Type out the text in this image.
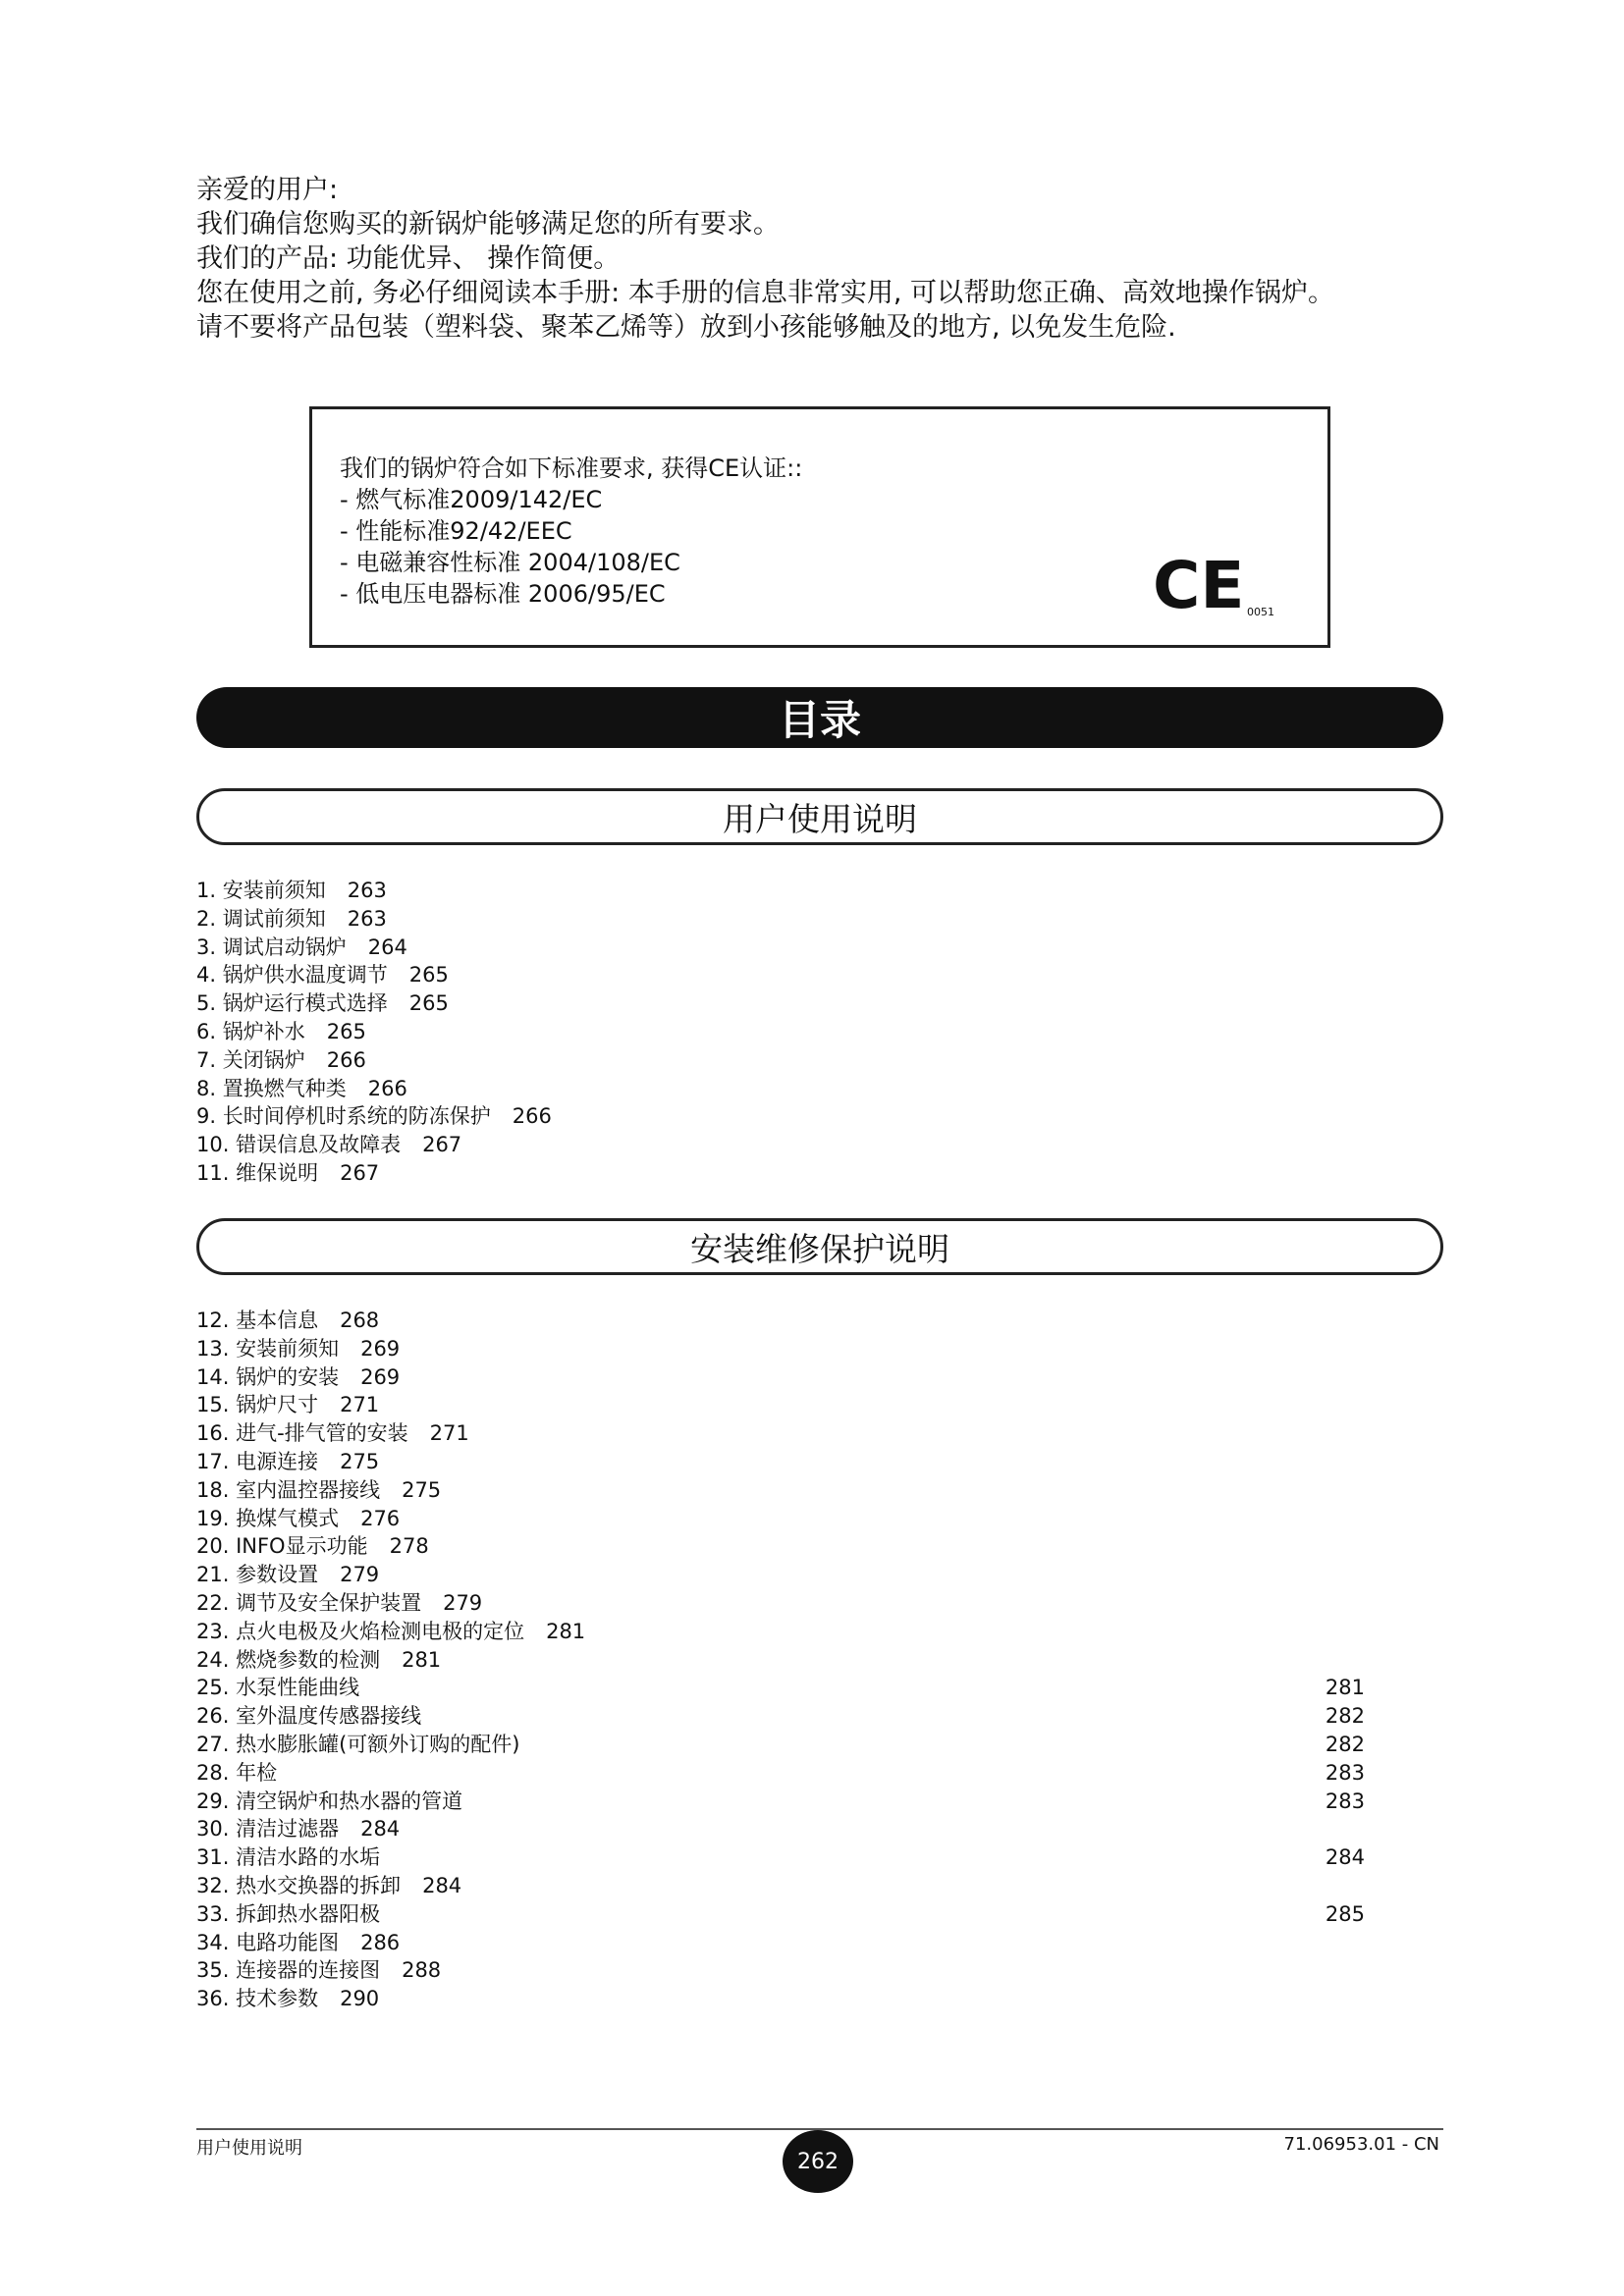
亲爱的用户:

我们确信您购买的新锅炉能够满足您的所有要求。

我们的产品: 功能优异、 操作简便。

您在使用之前, 务必仔细阅读本手册: 本手册的信息非常实用, 可以帮助您正确、高效地操作锅炉。

请不要将产品包装（塑料袋、聚苯乙烯等）放到小孩能够触及的地方, 以免发生危险.

我们的锅炉符合如下标准要求, 获得CE认证::
- 燃气标准2009/142/EC
- 性能标准92/42/EEC
- 电磁兼容性标准 2004/108/EC
- 低电压电器标准 2006/95/EC	CE 0051
目录
用户使用说明
1. 安装前须知 263
2. 调试前须知 263
3. 调试启动锅炉 264
4. 锅炉供水温度调节 265
5. 锅炉运行模式选择 265
6. 锅炉补水 265
7. 关闭锅炉 266
8. 置换燃气种类 266
9. 长时间停机时系统的防冻保护 266
10. 错误信息及故障表 267
11. 维保说明 267
安装维修保护说明
12. 基本信息 268
13. 安装前须知 269
14. 锅炉的安装 269
15. 锅炉尺寸 271
16. 进气-排气管的安装 271
17. 电源连接 275
18. 室内温控器接线 275
19. 换煤气模式 276
20. INFO显示功能 278
21. 参数设置 279
22. 调节及安全保护装置 279
23. 点火电极及火焰检测电极的定位 281
24. 燃烧参数的检测 281
25. 水泵性能曲线	281
26. 室外温度传感器接线	282
27. 热水膨胀罐(可额外订购的配件)	282
28. 年检	283
29. 清空锅炉和热水器的管道	283
30. 清洁过滤器 284
31. 清洁水路的水垢	284
32. 热水交换器的拆卸 284
33. 拆卸热水器阳极	285
34. 电路功能图 286
35. 连接器的连接图 288
36. 技术参数 290
用户使用说明
262
71.06953.01 - CN
